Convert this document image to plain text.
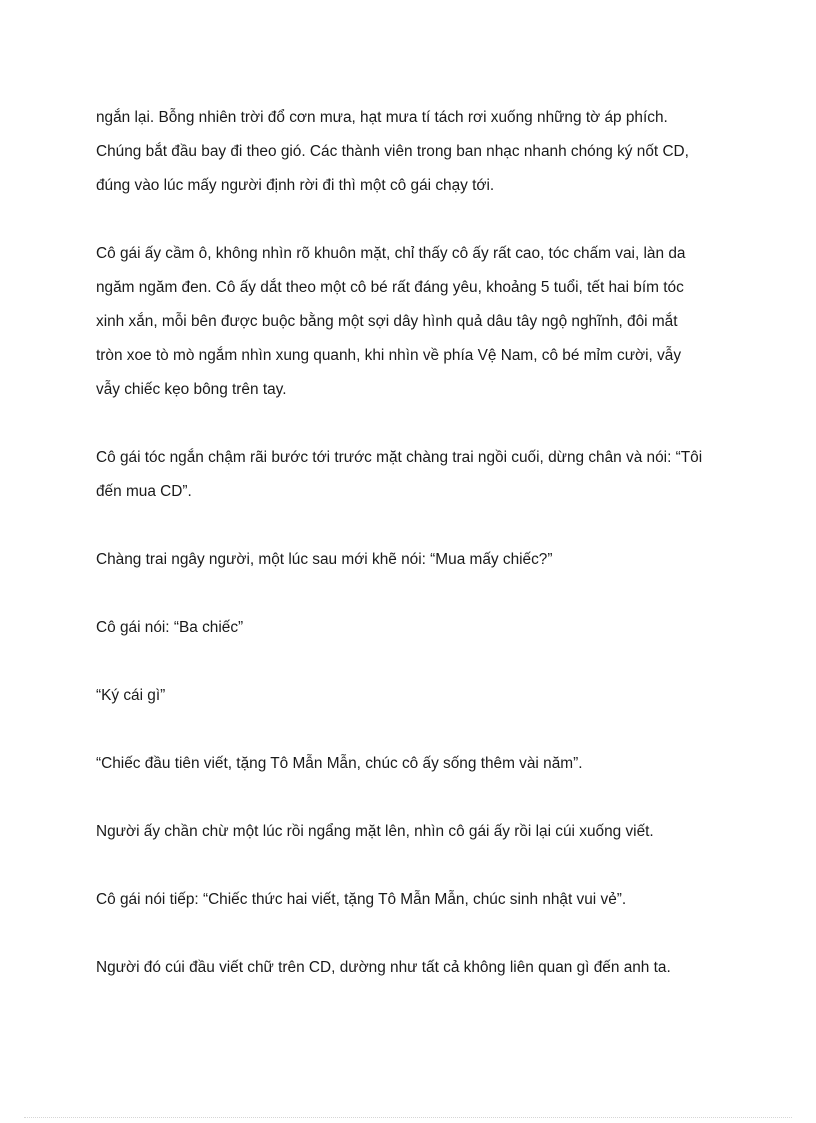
ngắn lại. Bỗng nhiên trời đổ cơn mưa, hạt mưa tí tách rơi xuống những tờ áp phích.
Chúng bắt đầu bay đi theo gió. Các thành viên trong ban nhạc nhanh chóng ký nốt CD,
đúng vào lúc mấy người định rời đi thì một cô gái chạy tới.

Cô gái ấy cầm ô, không nhìn rõ khuôn mặt, chỉ thấy cô ấy rất cao, tóc chấm vai, làn da
ngăm ngăm đen. Cô ấy dắt theo một cô bé rất đáng yêu, khoảng 5 tuổi, tết hai bím tóc
xinh xắn, mỗi bên được buộc bằng một sợi dây hình quả dâu tây ngộ nghĩnh, đôi mắt
tròn xoe tò mò ngắm nhìn xung quanh, khi nhìn về phía Vệ Nam, cô bé mỉm cười, vẫy
vẫy chiếc kẹo bông trên tay.

Cô gái tóc ngắn chậm rãi bước tới trước mặt chàng trai ngồi cuối, dừng chân và nói: “Tôi
đến mua CD”.

Chàng trai ngây người, một lúc sau mới khẽ nói: “Mua mấy chiếc?”

Cô gái nói: “Ba chiếc”

“Ký cái gì”

“Chiếc đầu tiên viết, tặng Tô Mẫn Mẫn, chúc cô ấy sống thêm vài năm”.

Người ấy chần chừ một lúc rồi ngẩng mặt lên, nhìn cô gái ấy rồi lại cúi xuống viết.

Cô gái nói tiếp: “Chiếc thức hai viết, tặng Tô Mẫn Mẫn, chúc sinh nhật vui vẻ”.

Người đó cúi đầu viết chữ trên CD, dường như tất cả không liên quan gì đến anh ta.
